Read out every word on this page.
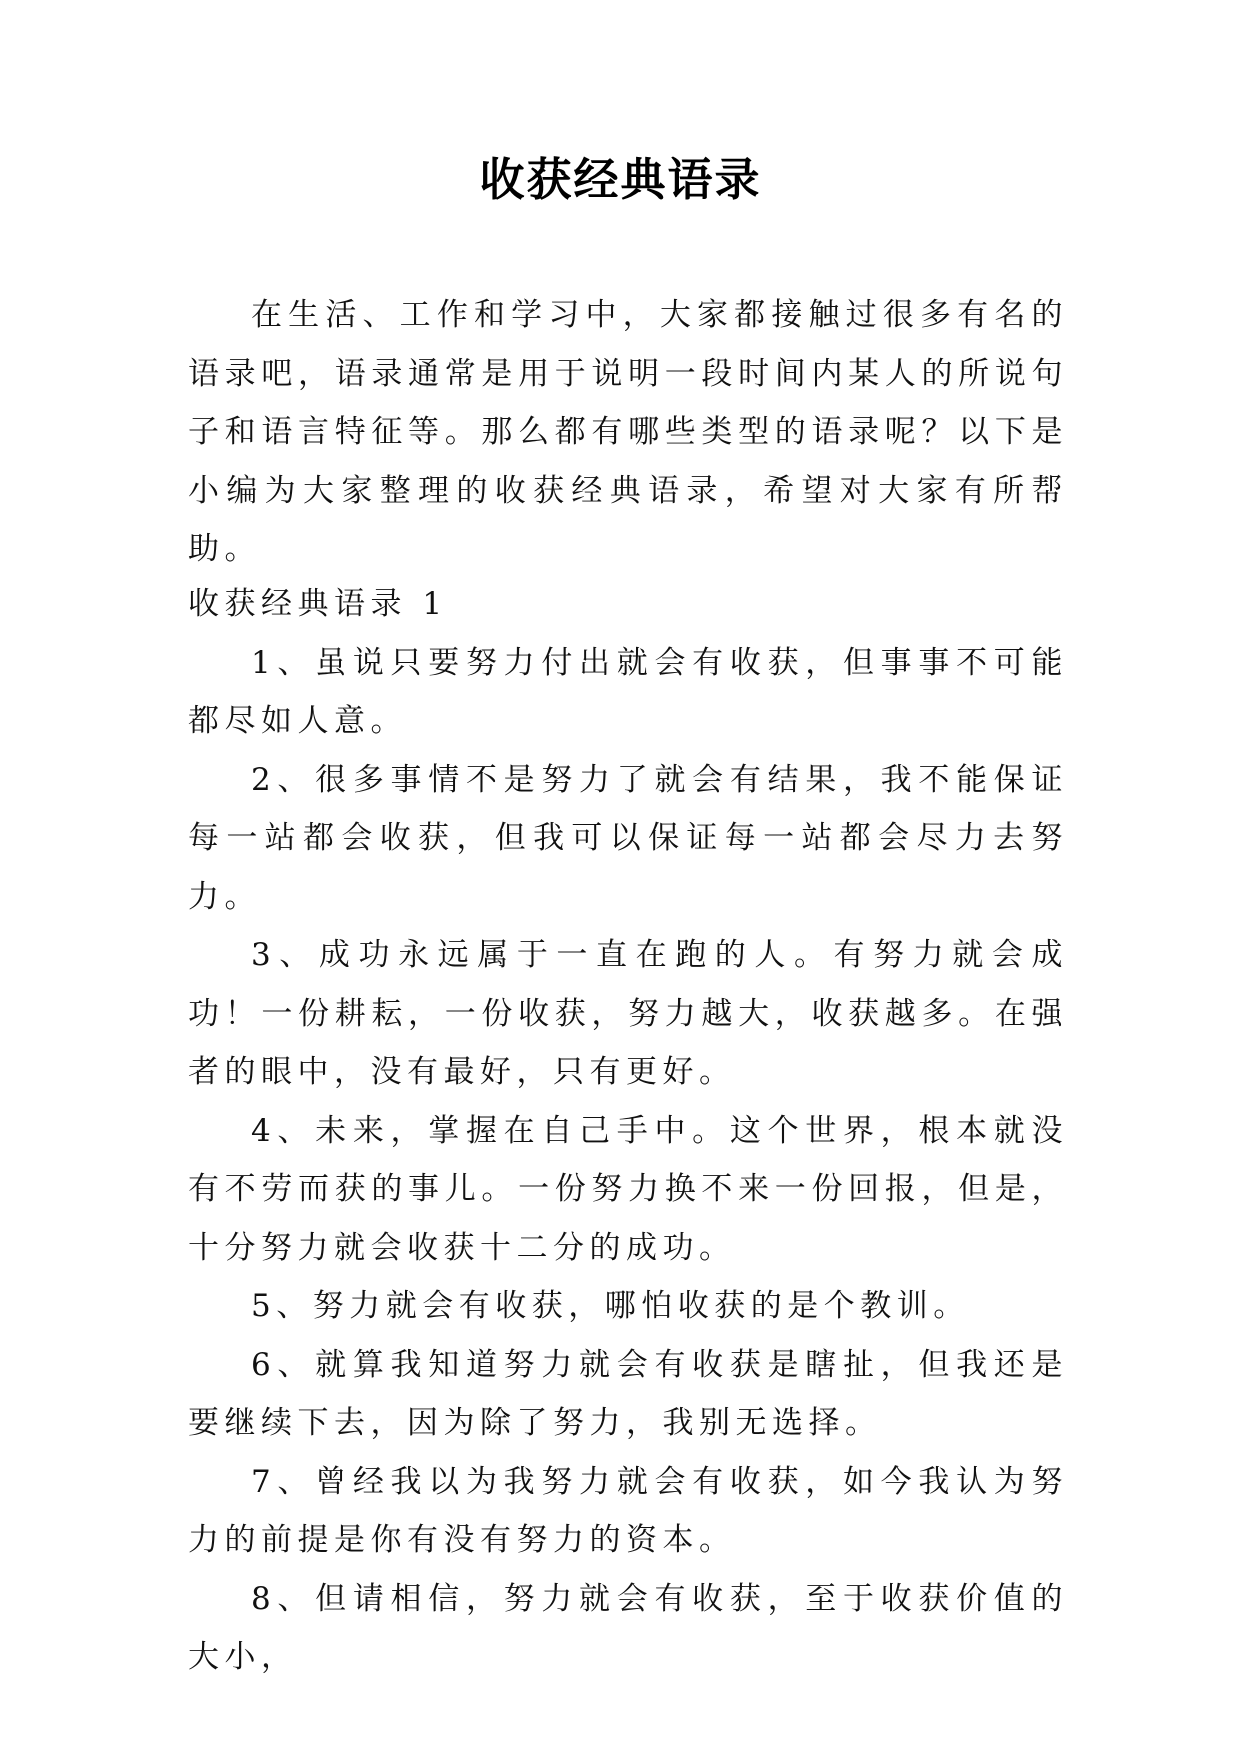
收获经典语录

在生活、工作和学习中，大家都接触过很多有名的语录吧，语录通常是用于说明一段时间内某人的所说句子和语言特征等。那么都有哪些类型的语录呢？以下是小编为大家整理的收获经典语录，希望对大家有所帮助。

收获经典语录 1

1、虽说只要努力付出就会有收获，但事事不可能都尽如人意。

2、很多事情不是努力了就会有结果，我不能保证每一站都会收获，但我可以保证每一站都会尽力去努力。

3、成功永远属于一直在跑的人。有努力就会成功！一份耕耘，一份收获，努力越大，收获越多。在强者的眼中，没有最好，只有更好。

4、未来，掌握在自己手中。这个世界，根本就没有不劳而获的事儿。一份努力换不来一份回报，但是，十分努力就会收获十二分的成功。

5、努力就会有收获，哪怕收获的是个教训。

6、就算我知道努力就会有收获是瞎扯，但我还是要继续下去，因为除了努力，我别无选择。

7、曾经我以为我努力就会有收获，如今我认为努力的前提是你有没有努力的资本。

8、但请相信，努力就会有收获，至于收获价值的大小，
